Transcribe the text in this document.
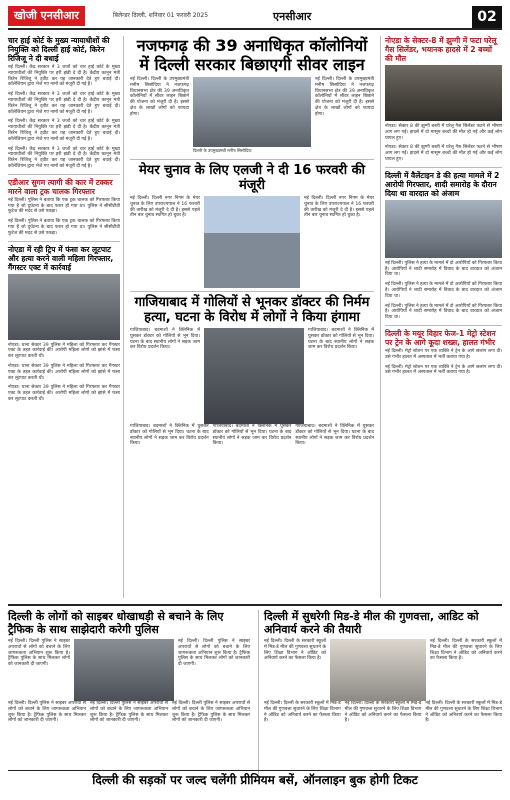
खोजी एनसीआर	बिलेन्डर दिल्ली, शनिवार 01 फरवरी 2025	एनसीआर	02
चार हाई कोर्ट के मुख्य न्यायाधीशों की नियुक्ति को दिल्ली हाई कोर्ट, किरेन रिजिजू ने दी बधाई
नई दिल्ली। केंद्र सरकार ने 3 जजों को चार हाई कोर्ट के मुख्य न्यायाधीशों की नियुक्ति पर हरी झंडी दे दी है। केंद्रीय कानून मंत्री किरेन रिजिजू ने ट्वीट कर यह जानकारी देते हुए बधाई दी। कॉलेजियम द्वारा भेजे गए नामों को मंजूरी दी गई है।
नई दिल्ली। केंद्र सरकार ने 3 जजों को चार हाई कोर्ट के मुख्य न्यायाधीशों की नियुक्ति पर हरी झंडी दे दी है। केंद्रीय कानून मंत्री किरेन रिजिजू ने ट्वीट कर यह जानकारी देते हुए बधाई दी। कॉलेजियम द्वारा भेजे गए नामों को मंजूरी दी गई है।
नई दिल्ली। केंद्र सरकार ने 3 जजों को चार हाई कोर्ट के मुख्य न्यायाधीशों की नियुक्ति पर हरी झंडी दे दी है। केंद्रीय कानून मंत्री किरेन रिजिजू ने ट्वीट कर यह जानकारी देते हुए बधाई दी। कॉलेजियम द्वारा भेजे गए नामों को मंजूरी दी गई है।
नई दिल्ली। केंद्र सरकार ने 3 जजों को चार हाई कोर्ट के मुख्य न्यायाधीशों की नियुक्ति पर हरी झंडी दे दी है। केंद्रीय कानून मंत्री किरेन रिजिजू ने ट्वीट कर यह जानकारी देते हुए बधाई दी। कॉलेजियम द्वारा भेजे गए नामों को मंजूरी दी गई है।
एडीआर सुगम त्यागी की कार में टक्कर मारने वाला ट्रक चालक गिरफ्तार
नई दिल्ली। पुलिस ने बताया कि एक ट्रक चालक को गिरफ्तार किया गया है जो दुर्घटना के बाद फरार हो गया था। पुलिस ने सीसीटीवी फुटेज की मदद से उसे पकड़ा।
नई दिल्ली। पुलिस ने बताया कि एक ट्रक चालक को गिरफ्तार किया गया है जो दुर्घटना के बाद फरार हो गया था। पुलिस ने सीसीटीवी फुटेज की मदद से उसे पकड़ा।
नोएडा में रही ट्रिप में फंसा कर लूटपाट और हत्या करने वाली महिला गिरफ्तार, गैंगस्टर एक्ट में कार्रवाई
नोएडा। थाना सेक्टर 39 पुलिस ने महिला को गिरफ्तार कर गैंगस्टर एक्ट के तहत कार्रवाई की। आरोपी महिला लोगों को झांसे में फंसा कर लूटपाट करती थी।
नोएडा। थाना सेक्टर 39 पुलिस ने महिला को गिरफ्तार कर गैंगस्टर एक्ट के तहत कार्रवाई की। आरोपी महिला लोगों को झांसे में फंसा कर लूटपाट करती थी।
नोएडा। थाना सेक्टर 39 पुलिस ने महिला को गिरफ्तार कर गैंगस्टर एक्ट के तहत कार्रवाई की। आरोपी महिला लोगों को झांसे में फंसा कर लूटपाट करती थी।
नजफगढ़ की 39 अनाधिकृत कॉलोनियों में दिल्ली सरकार बिछाएगी सीवर लाइन
नई दिल्ली। दिल्ली के उपमुख्यमंत्री मनीष सिसोदिया ने नजफगढ़ विधानसभा क्षेत्र की 39 अनाधिकृत कॉलोनियों में सीवर लाइन बिछाने की योजना को मंजूरी दी है। इससे क्षेत्र के लाखों लोगों को फायदा होगा।
दिल्ली के उपमुख्यमंत्री मनीष सिसोदिया
नई दिल्ली। दिल्ली के उपमुख्यमंत्री मनीष सिसोदिया ने नजफगढ़ विधानसभा क्षेत्र की 39 अनाधिकृत कॉलोनियों में सीवर लाइन बिछाने की योजना को मंजूरी दी है। इससे क्षेत्र के लाखों लोगों को फायदा होगा।
मेयर चुनाव के लिए एलजी ने दी 16 फरवरी की मंजूरी
नई दिल्ली। दिल्ली नगर निगम के मेयर चुनाव के लिए उपराज्यपाल ने 16 फरवरी की तारीख को मंजूरी दे दी है। इससे पहले तीन बार चुनाव स्थगित हो चुका है।
नई दिल्ली। दिल्ली नगर निगम के मेयर चुनाव के लिए उपराज्यपाल ने 16 फरवरी की तारीख को मंजूरी दे दी है। इससे पहले तीन बार चुनाव स्थगित हो चुका है।
गाजियाबाद में गोलियों से भूनकर डॉक्टर की निर्मम हत्या, घटना के विरोध में लोगों ने किया हंगामा
गाजियाबाद। बदमाशों ने क्लिनिक में घुसकर डॉक्टर को गोलियों से भून दिया। घटना के बाद स्थानीय लोगों ने सड़क जाम कर विरोध प्रदर्शन किया।
गाजियाबाद। बदमाशों ने क्लिनिक में घुसकर डॉक्टर को गोलियों से भून दिया। घटना के बाद स्थानीय लोगों ने सड़क जाम कर विरोध प्रदर्शन किया।
गाजियाबाद। बदमाशों ने क्लिनिक में घुसकर डॉक्टर को गोलियों से भून दिया। घटना के बाद स्थानीय लोगों ने सड़क जाम कर विरोध प्रदर्शन किया।
गाजियाबाद। बदमाशों ने क्लिनिक में घुसकर डॉक्टर को गोलियों से भून दिया। घटना के बाद स्थानीय लोगों ने सड़क जाम कर विरोध प्रदर्शन किया।
गाजियाबाद। बदमाशों ने क्लिनिक में घुसकर डॉक्टर को गोलियों से भून दिया। घटना के बाद स्थानीय लोगों ने सड़क जाम कर विरोध प्रदर्शन किया।
नोएडा के सेक्टर-8 में झुग्गी में फटा घरेलू गैस सिलेंडर, भयानक हादसे में 2 बच्चों की मौत
नोएडा। सेक्टर 8 की झुग्गी बस्ती में घरेलू गैस सिलेंडर फटने से भीषण आग लग गई। हादसे में दो मासूम बच्चों की मौत हो गई और कई लोग घायल हुए।
नोएडा। सेक्टर 8 की झुग्गी बस्ती में घरेलू गैस सिलेंडर फटने से भीषण आग लग गई। हादसे में दो मासूम बच्चों की मौत हो गई और कई लोग घायल हुए।
दिल्ली में वैलेंटाइन डे की हत्या मामले में 2 आरोपी गिरफ्तार, शादी समारोह के दौरान दिया था वारदात को अंजाम
नई दिल्ली। पुलिस ने हत्या के मामले में दो आरोपियों को गिरफ्तार किया है। आरोपियों ने शादी समारोह में विवाद के बाद वारदात को अंजाम दिया था।
नई दिल्ली। पुलिस ने हत्या के मामले में दो आरोपियों को गिरफ्तार किया है। आरोपियों ने शादी समारोह में विवाद के बाद वारदात को अंजाम दिया था।
नई दिल्ली। पुलिस ने हत्या के मामले में दो आरोपियों को गिरफ्तार किया है। आरोपियों ने शादी समारोह में विवाद के बाद वारदात को अंजाम दिया था।
दिल्ली के मयूर विहार फेज-1 मेट्रो स्टेशन पर ट्रेन के आगे कूदा शख्स, हालत गंभीर
नई दिल्ली। मेट्रो स्टेशन पर एक व्यक्ति ने ट्रेन के आगे छलांग लगा दी। उसे गंभीर हालत में अस्पताल में भर्ती कराया गया है।
नई दिल्ली। मेट्रो स्टेशन पर एक व्यक्ति ने ट्रेन के आगे छलांग लगा दी। उसे गंभीर हालत में अस्पताल में भर्ती कराया गया है।
दिल्ली के लोगों को साइबर धोखाधड़ी से बचाने के लिए ट्रैफिक के साथ साझेदारी करेगी पुलिस
नई दिल्ली। दिल्ली पुलिस ने साइबर अपराधों से लोगों को बचाने के लिए जागरूकता अभियान शुरू किया है। ट्रैफिक पुलिस के साथ मिलकर लोगों को जानकारी दी जाएगी।
नई दिल्ली। दिल्ली पुलिस ने साइबर अपराधों से लोगों को बचाने के लिए जागरूकता अभियान शुरू किया है। ट्रैफिक पुलिस के साथ मिलकर लोगों को जानकारी दी जाएगी।
नई दिल्ली। दिल्ली पुलिस ने साइबर अपराधों से लोगों को बचाने के लिए जागरूकता अभियान शुरू किया है। ट्रैफिक पुलिस के साथ मिलकर लोगों को जानकारी दी जाएगी।
नई दिल्ली। दिल्ली पुलिस ने साइबर अपराधों से लोगों को बचाने के लिए जागरूकता अभियान शुरू किया है। ट्रैफिक पुलिस के साथ मिलकर लोगों को जानकारी दी जाएगी।
नई दिल्ली। दिल्ली पुलिस ने साइबर अपराधों से लोगों को बचाने के लिए जागरूकता अभियान शुरू किया है। ट्रैफिक पुलिस के साथ मिलकर लोगों को जानकारी दी जाएगी।
दिल्ली में सुधरेगी मिड-डे मील की गुणवत्ता, आडिट को अनिवार्य करने की तैयारी
नई दिल्ली। दिल्ली के सरकारी स्कूलों में मिड-डे मील की गुणवत्ता सुधारने के लिए शिक्षा विभाग ने ऑडिट को अनिवार्य करने का फैसला किया है।
नई दिल्ली। दिल्ली के सरकारी स्कूलों में मिड-डे मील की गुणवत्ता सुधारने के लिए शिक्षा विभाग ने ऑडिट को अनिवार्य करने का फैसला किया है।
नई दिल्ली। दिल्ली के सरकारी स्कूलों में मिड-डे मील की गुणवत्ता सुधारने के लिए शिक्षा विभाग ने ऑडिट को अनिवार्य करने का फैसला किया है।
नई दिल्ली। दिल्ली के सरकारी स्कूलों में मिड-डे मील की गुणवत्ता सुधारने के लिए शिक्षा विभाग ने ऑडिट को अनिवार्य करने का फैसला किया है।
नई दिल्ली। दिल्ली के सरकारी स्कूलों में मिड-डे मील की गुणवत्ता सुधारने के लिए शिक्षा विभाग ने ऑडिट को अनिवार्य करने का फैसला किया है।
दिल्ली की सड़कों पर जल्द चलेंगी प्रीमियम बसें, ऑनलाइन बुक होगी टिकट
